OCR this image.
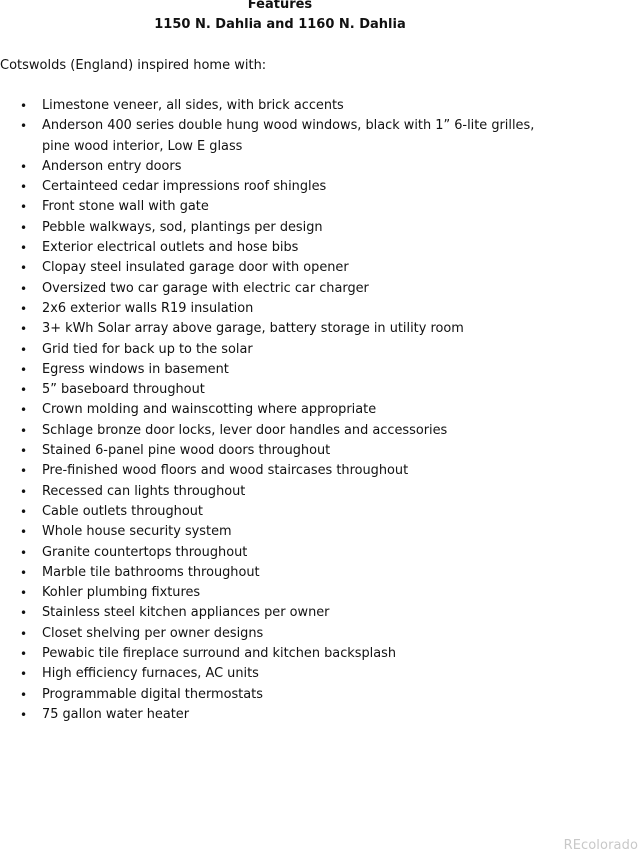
Features
1150 N. Dahlia and 1160 N. Dahlia
Cotswolds (England) inspired home with:
• Limestone veneer, all sides, with brick accents
• Anderson 400 series double hung wood windows, black with 1” 6-lite grilles, pine wood interior, Low E glass
• Anderson entry doors
• Certainteed cedar impressions roof shingles
• Front stone wall with gate
• Pebble walkways, sod, plantings per design
• Exterior electrical outlets and hose bibs
• Clopay steel insulated garage door with opener
• Oversized two car garage with electric car charger
• 2x6 exterior walls R19 insulation
• 3+ kWh Solar array above garage, battery storage in utility room
• Grid tied for back up to the solar
• Egress windows in basement
• 5” baseboard throughout
• Crown molding and wainscotting where appropriate
• Schlage bronze door locks, lever door handles and accessories
• Stained 6-panel pine wood doors throughout
• Pre-finished wood floors and wood staircases throughout
• Recessed can lights throughout
• Cable outlets throughout
• Whole house security system
• Granite countertops throughout
• Marble tile bathrooms throughout
• Kohler plumbing fixtures
• Stainless steel kitchen appliances per owner
• Closet shelving per owner designs
• Pewabic tile fireplace surround and kitchen backsplash
• High efficiency furnaces, AC units
• Programmable digital thermostats
• 75 gallon water heater
REcolorado
